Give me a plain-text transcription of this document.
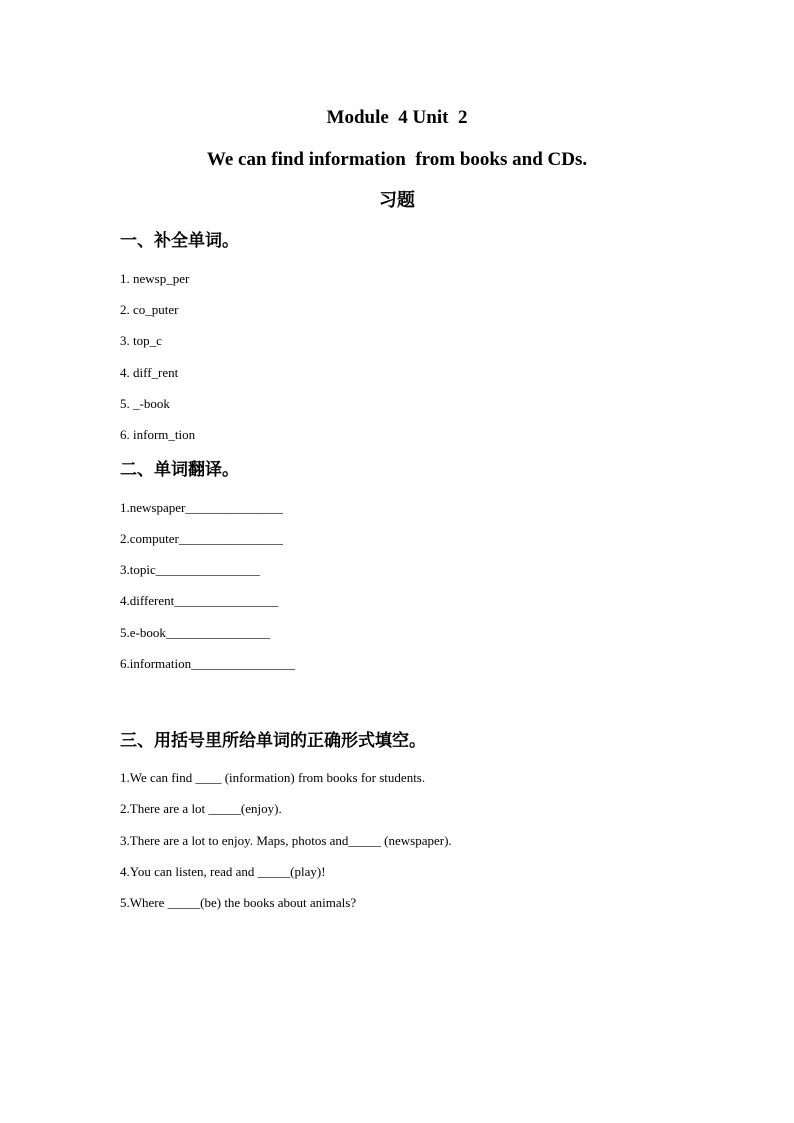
Module  4 Unit  2
We can find information  from books and CDs.
习题
一、补全单词。
1. newsp_per
2. co_puter
3. top_c
4. diff_rent
5. _-book
6. inform_tion
二、单词翻译。
1.newspaper_______________
2.computer________________
3.topic________________
4.different________________
5.e-book________________
6.information________________
三、用括号里所给单词的正确形式填空。
1.We can find ____ (information) from books for students.
2.There are a lot _____(enjoy).
3.There are a lot to enjoy. Maps, photos and_____ (newspaper).
4.You can listen, read and _____(play)!
5.Where _____(be) the books about animals?
